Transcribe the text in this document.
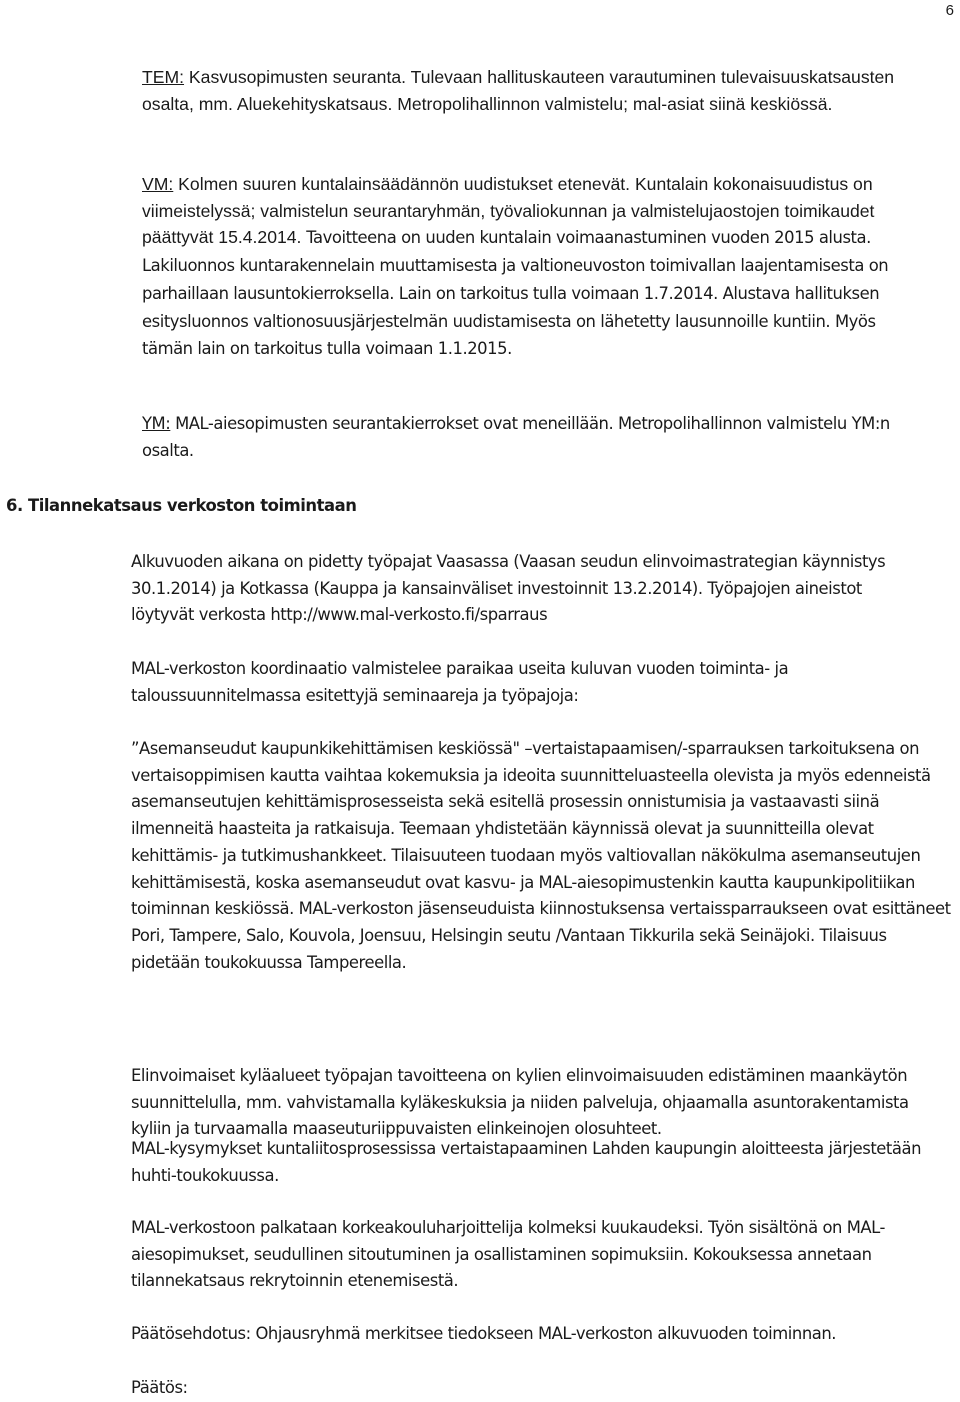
6

TEM: Kasvusopimusten seuranta. Tulevaan hallituskauteen varautuminen tulevaisuuskatsausten osalta, mm. Aluekehityskatsaus. Metropolihallinnon valmistelu; mal-asiat siinä keskiössä.

VM: Kolmen suuren kuntalainsäädännön uudistukset etenevät. Kuntalain kokonaisuudistus on viimeistelyssä; valmistelun seurantaryhmän, työvaliokunnan ja valmistelujaostojen toimikaudet päättyvät 15.4.2014. Tavoitteena on uuden kuntalain voimaanastuminen vuoden 2015 alusta. Lakiluonnos kuntarakennelain muuttamisesta ja valtioneuvoston toimivallan laajentamisesta on parhaillaan lausuntokierroksella. Lain on tarkoitus tulla voimaan 1.7.2014. Alustava hallituksen esitysluonnos valtionosuusjärjestelmän uudistamisesta on lähetetty lausunnoille kuntiin. Myös tämän lain on tarkoitus tulla voimaan 1.1.2015.

YM: MAL-aiesopimusten seurantakierrokset ovat meneillään. Metropolihallinnon valmistelu YM:n osalta.

6. Tilannekatsaus verkoston toimintaan

Alkuvuoden aikana on pidetty työpajat Vaasassa (Vaasan seudun elinvoimastrategian käynnistys 30.1.2014) ja Kotkassa (Kauppa ja kansainväliset investoinnit 13.2.2014). Työpajojen aineistot löytyvät verkosta http://www.mal-verkosto.fi/sparraus

MAL-verkoston koordinaatio valmistelee paraikaa useita kuluvan vuoden toiminta- ja taloussuunnitelmassa esitettyjä seminaareja ja työpajoja:

”Asemanseudut kaupunkikehittämisen keskiössä" –vertaistapaamisen/-sparrauksen tarkoituksena on vertaisoppimisen kautta vaihtaa kokemuksia ja ideoita suunnitteluasteella olevista ja myös edenneistä asemanseutujen kehittämisprosesseista sekä esitellä prosessin onnistumisia ja vastaavasti siinä ilmenneitä haasteita ja ratkaisuja. Teemaan yhdistetään käynnissä olevat ja suunnitteilla olevat kehittämis- ja tutkimushankkeet. Tilaisuuteen tuodaan myös valtiovallan näkökulma asemanseutujen kehittämisestä, koska asemanseudut ovat kasvu- ja MAL-aiesopimustenkin kautta kaupunkipolitiikan toiminnan keskiössä. MAL-verkoston jäsenseuduista kiinnostuksensa vertaissparraukseen ovat esittäneet Pori, Tampere, Salo, Kouvola, Joensuu, Helsingin seutu /Vantaan Tikkurila sekä Seinäjoki. Tilaisuus pidetään toukokuussa Tampereella.

Elinvoimaiset kyläalueet työpajan tavoitteena on kylien elinvoimaisuuden edistäminen maankäytön suunnittelulla, mm. vahvistamalla kyläkeskuksia ja niiden palveluja, ohjaamalla asuntorakentamista kyliin ja turvaamalla maaseuturiippuvaisten elinkeinojen olosuhteet.

MAL-kysymykset kuntaliitosprosessissa vertaistapaaminen Lahden kaupungin aloitteesta järjestetään huhti-toukokuussa.

MAL-verkostoon palkataan korkeakouluharjoittelija kolmeksi kuukaudeksi. Työn sisältönä on MAL-aiesopimukset, seudullinen sitoutuminen ja osallistaminen sopimuksiin. Kokouksessa annetaan tilannekatsaus rekrytoinnin etenemisestä.

Päätösehdotus: Ohjausryhmä merkitsee tiedokseen MAL-verkoston alkuvuoden toiminnan.

Päätös:
